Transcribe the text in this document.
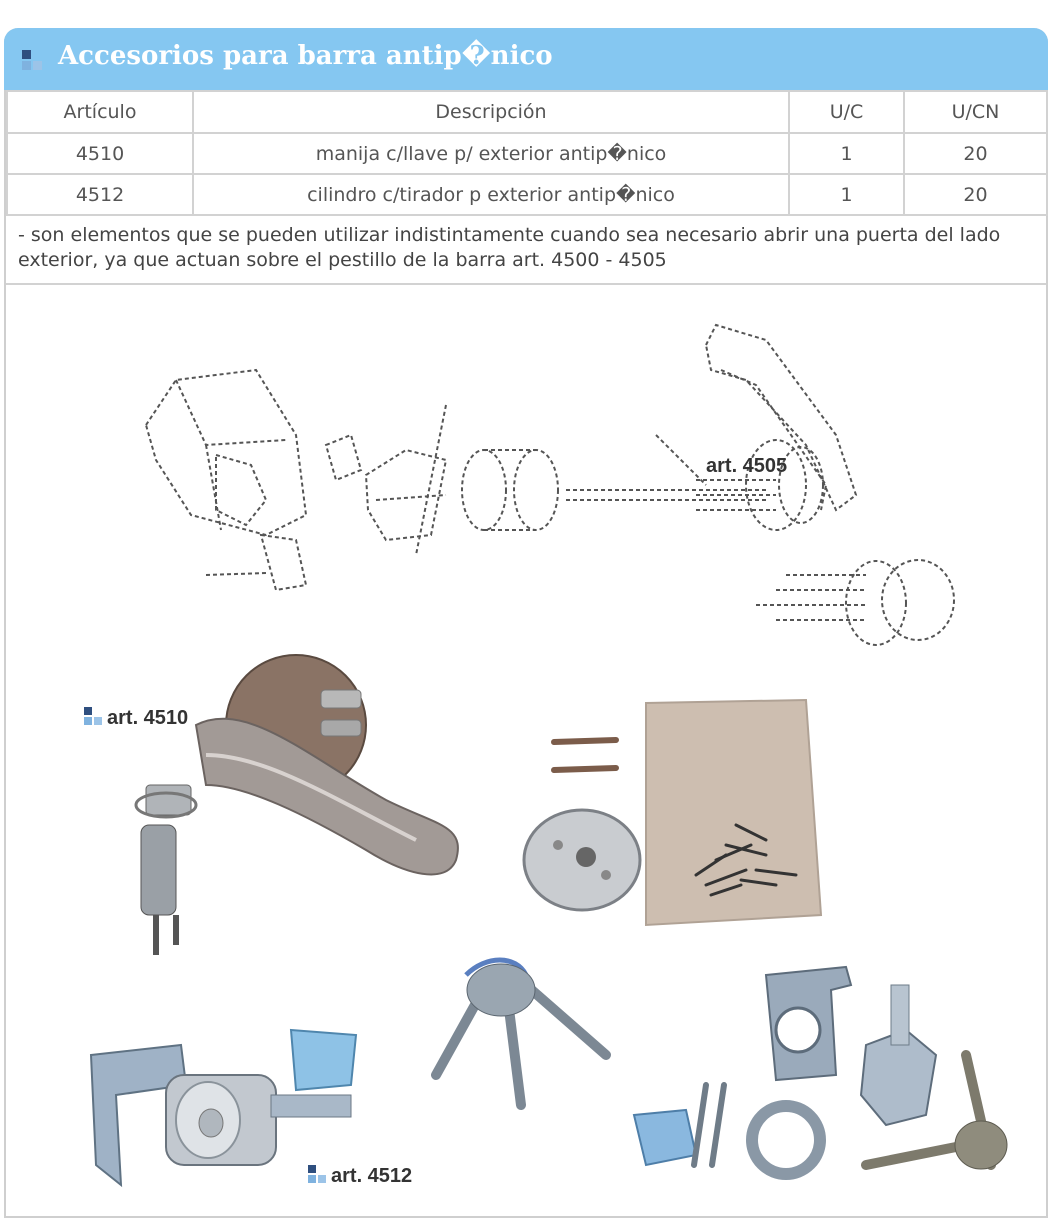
Accesorios para barra antip�nico
Artículo	Descripción	U/C	U/CN
4510	manija c/llave p/ exterior antip�nico	1	20
4512	cilindro c/tirador p exterior antip�nico	1	20
- son elementos que se pueden utilizar indistintamente cuando sea necesario abrir una puerta del lado exterior, ya que actuan sobre el pestillo de la barra art. 4500 - 4505
art. 4505
art. 4510
art. 4512
